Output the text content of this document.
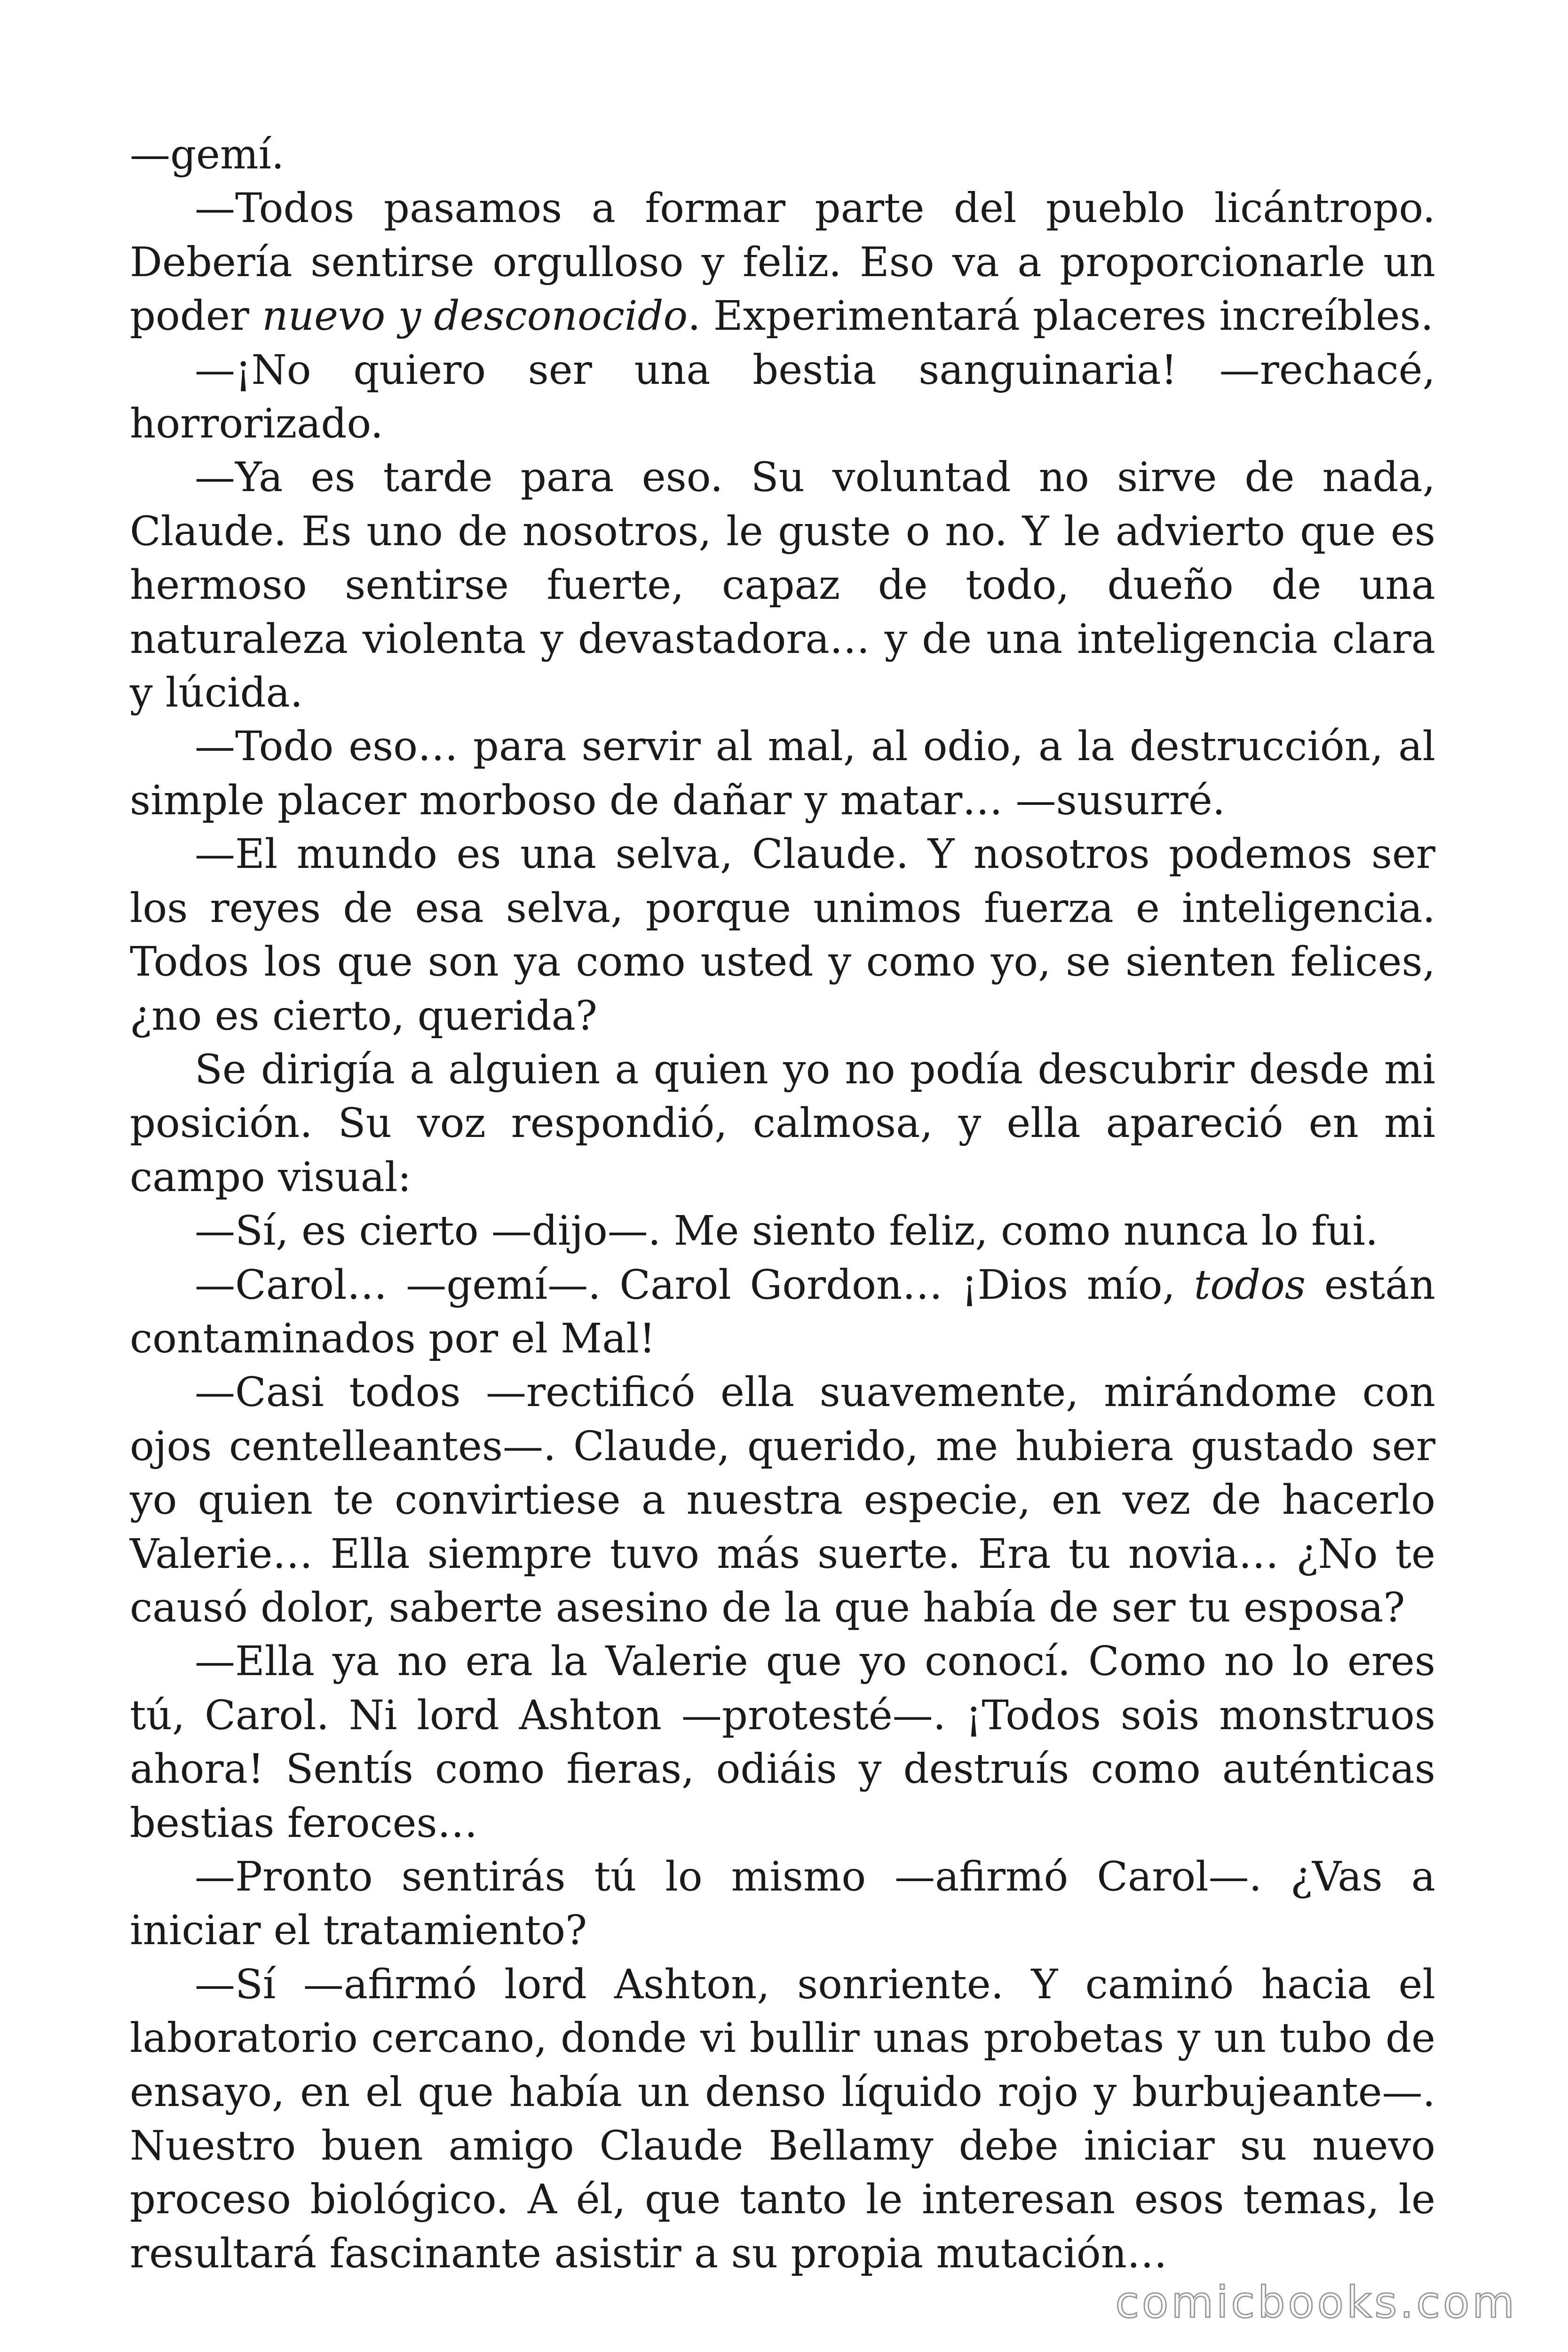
—gemí.

—Todos pasamos a formar parte del pueblo licántropo. Debería sentirse orgulloso y feliz. Eso va a proporcionarle un poder nuevo y desconocido. Experimentará placeres increíbles.

—¡No quiero ser una bestia sanguinaria! —rechacé, horrorizado.

—Ya es tarde para eso. Su voluntad no sirve de nada, Claude. Es uno de nosotros, le guste o no. Y le advierto que es hermoso sentirse fuerte, capaz de todo, dueño de una naturaleza violenta y devastadora… y de una inteligencia clara y lúcida.

—Todo eso… para servir al mal, al odio, a la destrucción, al simple placer morboso de dañar y matar… —susurré.

—El mundo es una selva, Claude. Y nosotros podemos ser los reyes de esa selva, porque unimos fuerza e inteligencia. Todos los que son ya como usted y como yo, se sienten felices, ¿no es cierto, querida?

Se dirigía a alguien a quien yo no podía descubrir desde mi posición. Su voz respondió, calmosa, y ella apareció en mi campo visual:

—Sí, es cierto —dijo—. Me siento feliz, como nunca lo fui.

—Carol… —gemí—. Carol Gordon… ¡Dios mío, todos están contaminados por el Mal!

—Casi todos —rectificó ella suavemente, mirándome con ojos centelleantes—. Claude, querido, me hubiera gustado ser yo quien te convirtiese a nuestra especie, en vez de hacerlo Valerie… Ella siempre tuvo más suerte. Era tu novia… ¿No te causó dolor, saberte asesino de la que había de ser tu esposa?

—Ella ya no era la Valerie que yo conocí. Como no lo eres tú, Carol. Ni lord Ashton —protesté—. ¡Todos sois monstruos ahora! Sentís como fieras, odiáis y destruís como auténticas bestias feroces…

—Pronto sentirás tú lo mismo —afirmó Carol—. ¿Vas a iniciar el tratamiento?

—Sí —afirmó lord Ashton, sonriente. Y caminó hacia el laboratorio cercano, donde vi bullir unas probetas y un tubo de ensayo, en el que había un denso líquido rojo y burbujeante—. Nuestro buen amigo Claude Bellamy debe iniciar su nuevo proceso biológico. A él, que tanto le interesan esos temas, le resultará fascinante asistir a su propia mutación…

comicbooks.com
